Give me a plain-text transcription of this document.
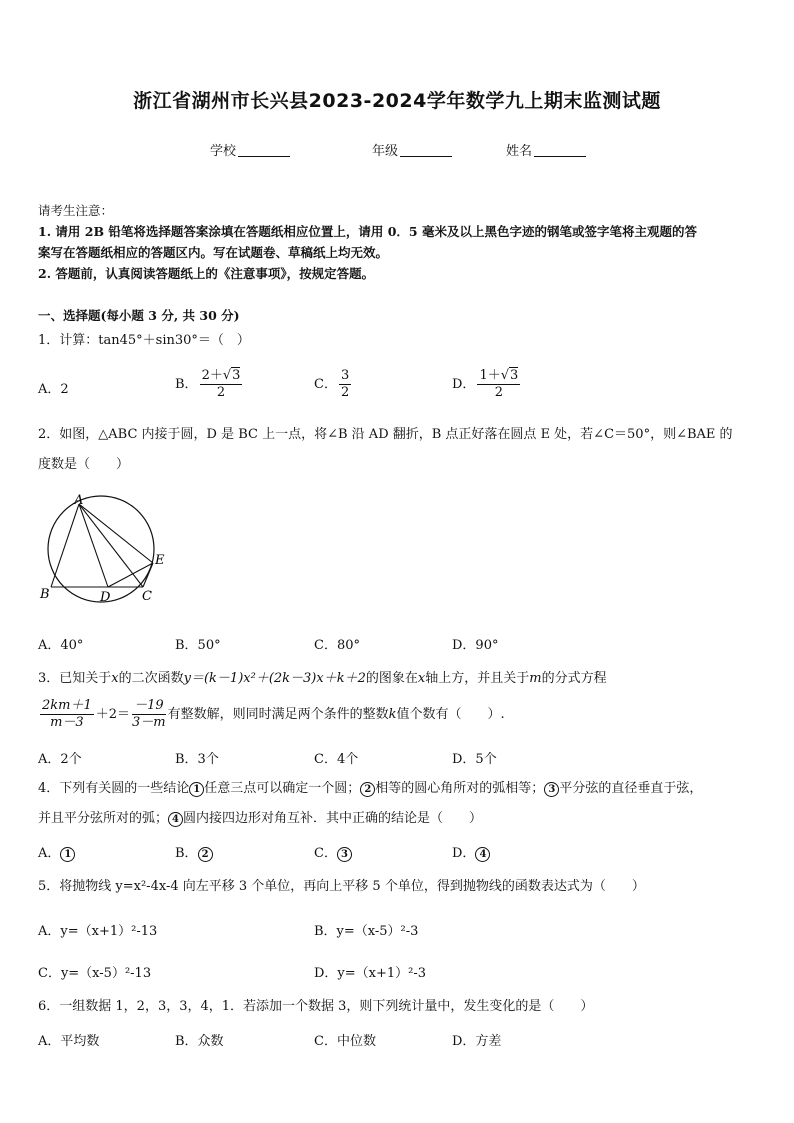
浙江省湖州市长兴县2023-2024学年数学九上期末监测试题
学校	年级	姓名
请考生注意：
1. 请用 2B 铅笔将选择题答案涂填在答题纸相应位置上，请用 0．5 毫米及以上黑色字迹的钢笔或签字笔将主观题的答
案写在答题纸相应的答题区内。写在试题卷、草稿纸上均无效。
2. 答题前，认真阅读答题纸上的《注意事项》，按规定答题。
一、选择题(每小题 3 分, 共 30 分)
1．计算：tan45°＋sin30°＝（　）
A．2	B． $\frac{2+√3}{2}$	C． $\frac{3}{2}$	D． $\frac{1+√3}{2}$
2．如图，△ABC 内接于圆，D 是 BC 上一点，将∠B 沿 AD 翻折，B 点正好落在圆点 E 处，若∠C＝50°，则∠BAE 的
度数是（　　）
A
B	C
D
E
A．40°	B．50°	C．80°	D．90°
3．已知关于x的二次函数y＝(k－1)x²＋(2k－3)x＋k＋2的图象在x轴上方，并且关于m的分式方程
$\frac{2km+1}{m-3} +2= \frac{-19}{3-m}$ 有整数解，则同时满足两个条件的整数k值个数有（　　）.
A．2个	B．3个	C．4个	D．5个
4．下列有关圆的一些结论 1 任意三点可以确定一个圆； 2 相等的圆心角所对的弧相等； 3 平分弦的直径垂直于弦，
并且平分弦所对的弧； 4 圆内接四边形对角互补．其中正确的结论是（　　）
A． 1	B． 2	C． 3	D． 4
5．将抛物线 y=x²-4x-4 向左平移 3 个单位，再向上平移 5 个单位，得到抛物线的函数表达式为（　　）
A．y=（x+1）²-13	B．y=（x-5）²-3
C．y=（x-5）²-13	D．y=（x+1）²-3
6．一组数据 1，2，3，3，4，1．若添加一个数据 3，则下列统计量中，发生变化的是（　　）
A．平均数	B．众数	C．中位数	D．方差
